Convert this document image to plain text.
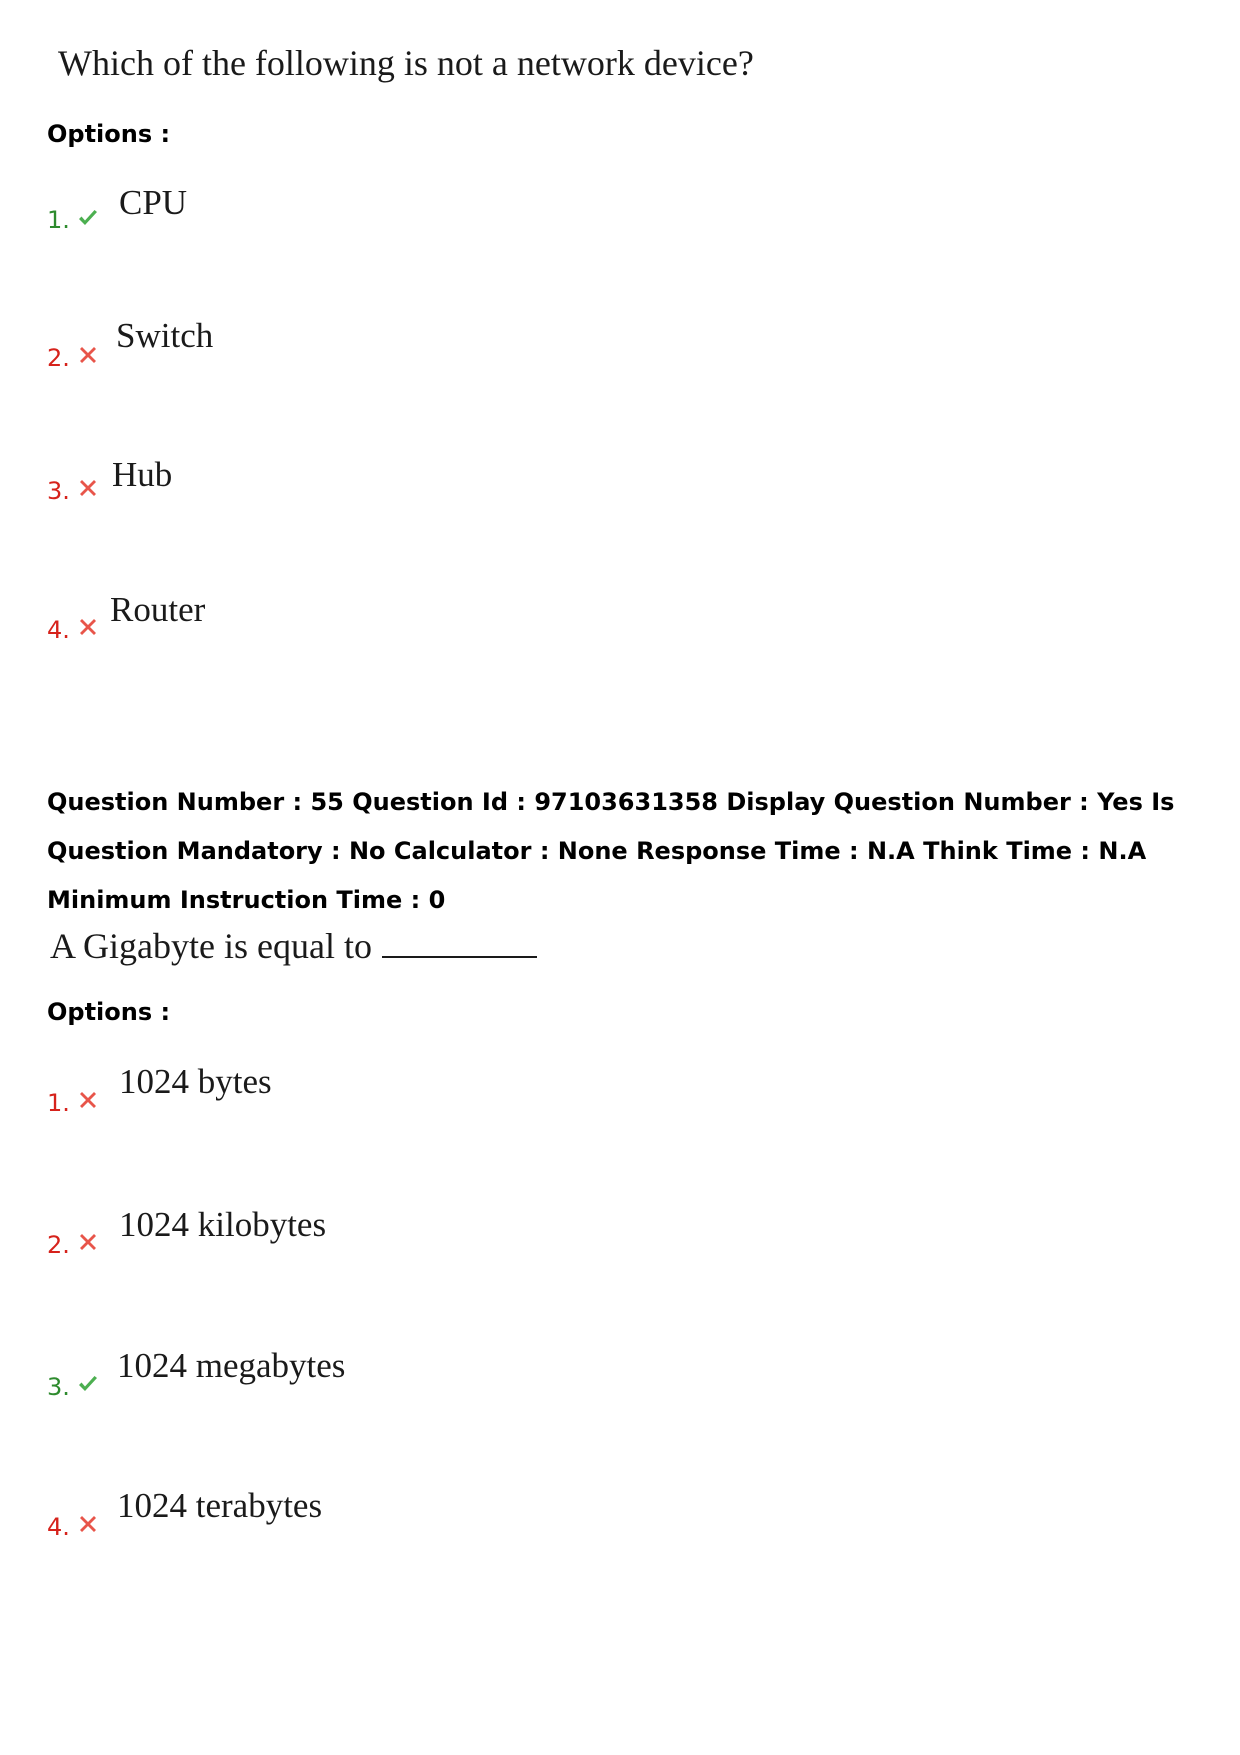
Which of the following is not a network device?
Options :
1. CPU
2.
Switch
3. Hub
4.
Router
Question Number : 55 Question Id : 97103631358 Display Question Number : Yes Is Question Mandatory : No Calculator : None Response Time : N.A Think Time : N.A Minimum Instruction Time : 0
A Gigabyte is equal to
Options :
1.
1024 bytes
2.
1024 kilobytes
3.
1024 megabytes
4.
1024 terabytes
